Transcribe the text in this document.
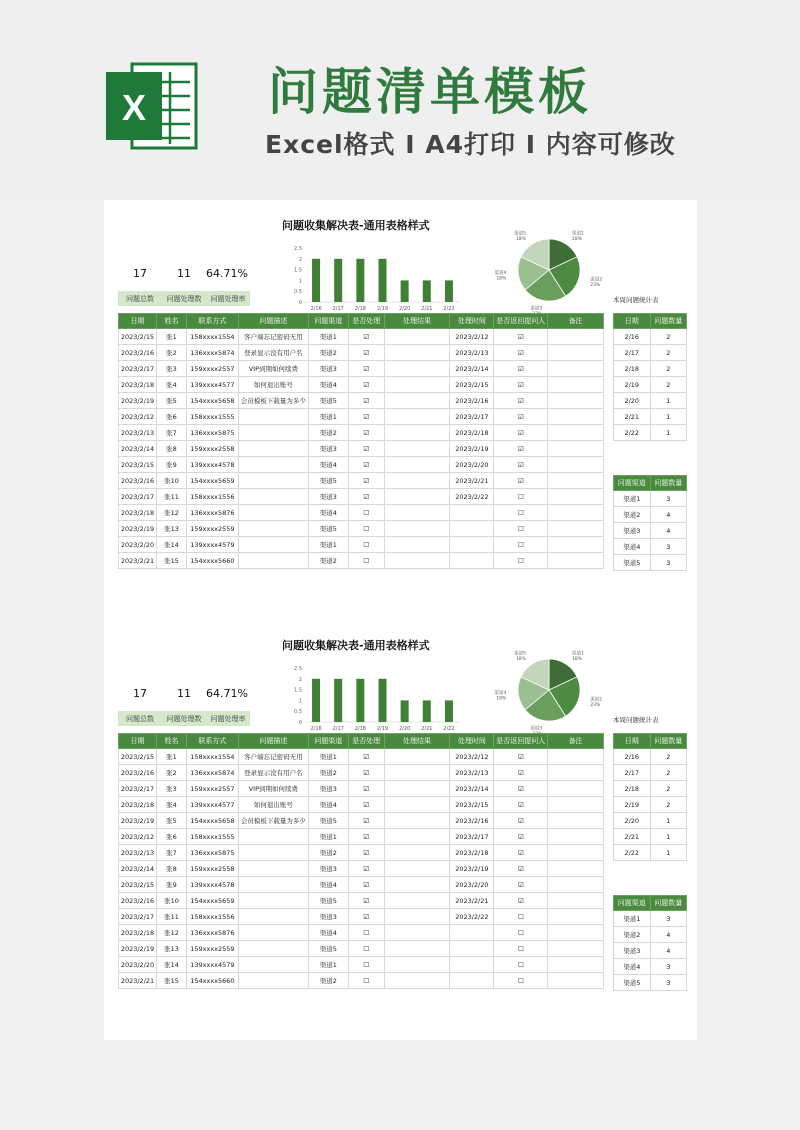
X 问题清单模板
Excel格式 I A4打印 I 内容可修改
问题收集解决表-通用表格样式
17	11	64.71%
问题总数	问题处理数	问题处理率	0
0.5
1
1.5
2
2.5
2/16 2/17 2/18 2/19 2/20 2/21 2/22
渠道1
18%
渠道2
23%
渠道3
渠道4
18%
渠道5
18%
本周问题统计表
日期	姓名	联系方式	问题描述	问题渠道	是否处理	处理结果	处理时间	是否返回提问人	备注
2023/2/15	张1	158xxxx1554	客户端忘记密码无用	渠道1	☑		2023/2/12	☑	
2023/2/16	张2	136xxxx5874	登录显示没有用户名	渠道2	☑		2023/2/13	☑	
2023/2/17	张3	159xxxx2557	VIP到期如何续费	渠道3	☑		2023/2/14	☑	
2023/2/18	张4	139xxxx4577	如何退出账号	渠道4	☑		2023/2/15	☑	
2023/2/19	张5	154xxxx5658	会员模板下载量为多少	渠道5	☑		2023/2/16	☑	
2023/2/12	张6	158xxxx1555		渠道1	☑		2023/2/17	☑	
2023/2/13	张7	136xxxx5875		渠道2	☑		2023/2/18	☑	
2023/2/14	张8	159xxxx2558		渠道3	☑		2023/2/19	☑	
2023/2/15	张9	139xxxx4578		渠道4	☑		2023/2/20	☑	
2023/2/16	张10	154xxxx5659		渠道5	☑		2023/2/21	☑	
2023/2/17	张11	158xxxx1556		渠道3	☑		2023/2/22	☐	
2023/2/18	张12	136xxxx5876		渠道4	☐			☐	
2023/2/19	张13	159xxxx2559		渠道5	☐			☐	
2023/2/20	张14	139xxxx4579		渠道1	☐			☐	
2023/2/21	张15	154xxxx5660		渠道2	☐			☐	
日期	问题数量
2/16	2
2/17	2
2/18	2
2/19	2
2/20	1
2/21	1
2/22	1
问题渠道	问题数量
渠道1	3
渠道2	4
渠道3	4
渠道4	3
渠道5	3
问题收集解决表-通用表格样式
17	11	64.71%
问题总数	问题处理数	问题处理率	0
0.5
1
1.5
2
2.5
2/16 2/17 2/18 2/19 2/20 2/21 2/22
渠道1
18%
渠道2
23%
渠道3
渠道4
18%
渠道5
18%
本周问题统计表
日期	姓名	联系方式	问题描述	问题渠道	是否处理	处理结果	处理时间	是否返回提问人	备注
2023/2/15	张1	158xxxx1554	客户端忘记密码无用	渠道1	☑		2023/2/12	☑	
2023/2/16	张2	136xxxx5874	登录显示没有用户名	渠道2	☑		2023/2/13	☑	
2023/2/17	张3	159xxxx2557	VIP到期如何续费	渠道3	☑		2023/2/14	☑	
2023/2/18	张4	139xxxx4577	如何退出账号	渠道4	☑		2023/2/15	☑	
2023/2/19	张5	154xxxx5658	会员模板下载量为多少	渠道5	☑		2023/2/16	☑	
2023/2/12	张6	158xxxx1555		渠道1	☑		2023/2/17	☑	
2023/2/13	张7	136xxxx5875		渠道2	☑		2023/2/18	☑	
2023/2/14	张8	159xxxx2558		渠道3	☑		2023/2/19	☑	
2023/2/15	张9	139xxxx4578		渠道4	☑		2023/2/20	☑	
2023/2/16	张10	154xxxx5659		渠道5	☑		2023/2/21	☑	
2023/2/17	张11	158xxxx1556		渠道3	☑		2023/2/22	☐	
2023/2/18	张12	136xxxx5876		渠道4	☐			☐	
2023/2/19	张13	159xxxx2559		渠道5	☐			☐	
2023/2/20	张14	139xxxx4579		渠道1	☐			☐	
2023/2/21	张15	154xxxx5660		渠道2	☐			☐	
日期	问题数量
2/16	2
2/17	2
2/18	2
2/19	2
2/20	1
2/21	1
2/22	1
问题渠道	问题数量
渠道1	3
渠道2	4
渠道3	4
渠道4	3
渠道5	3
